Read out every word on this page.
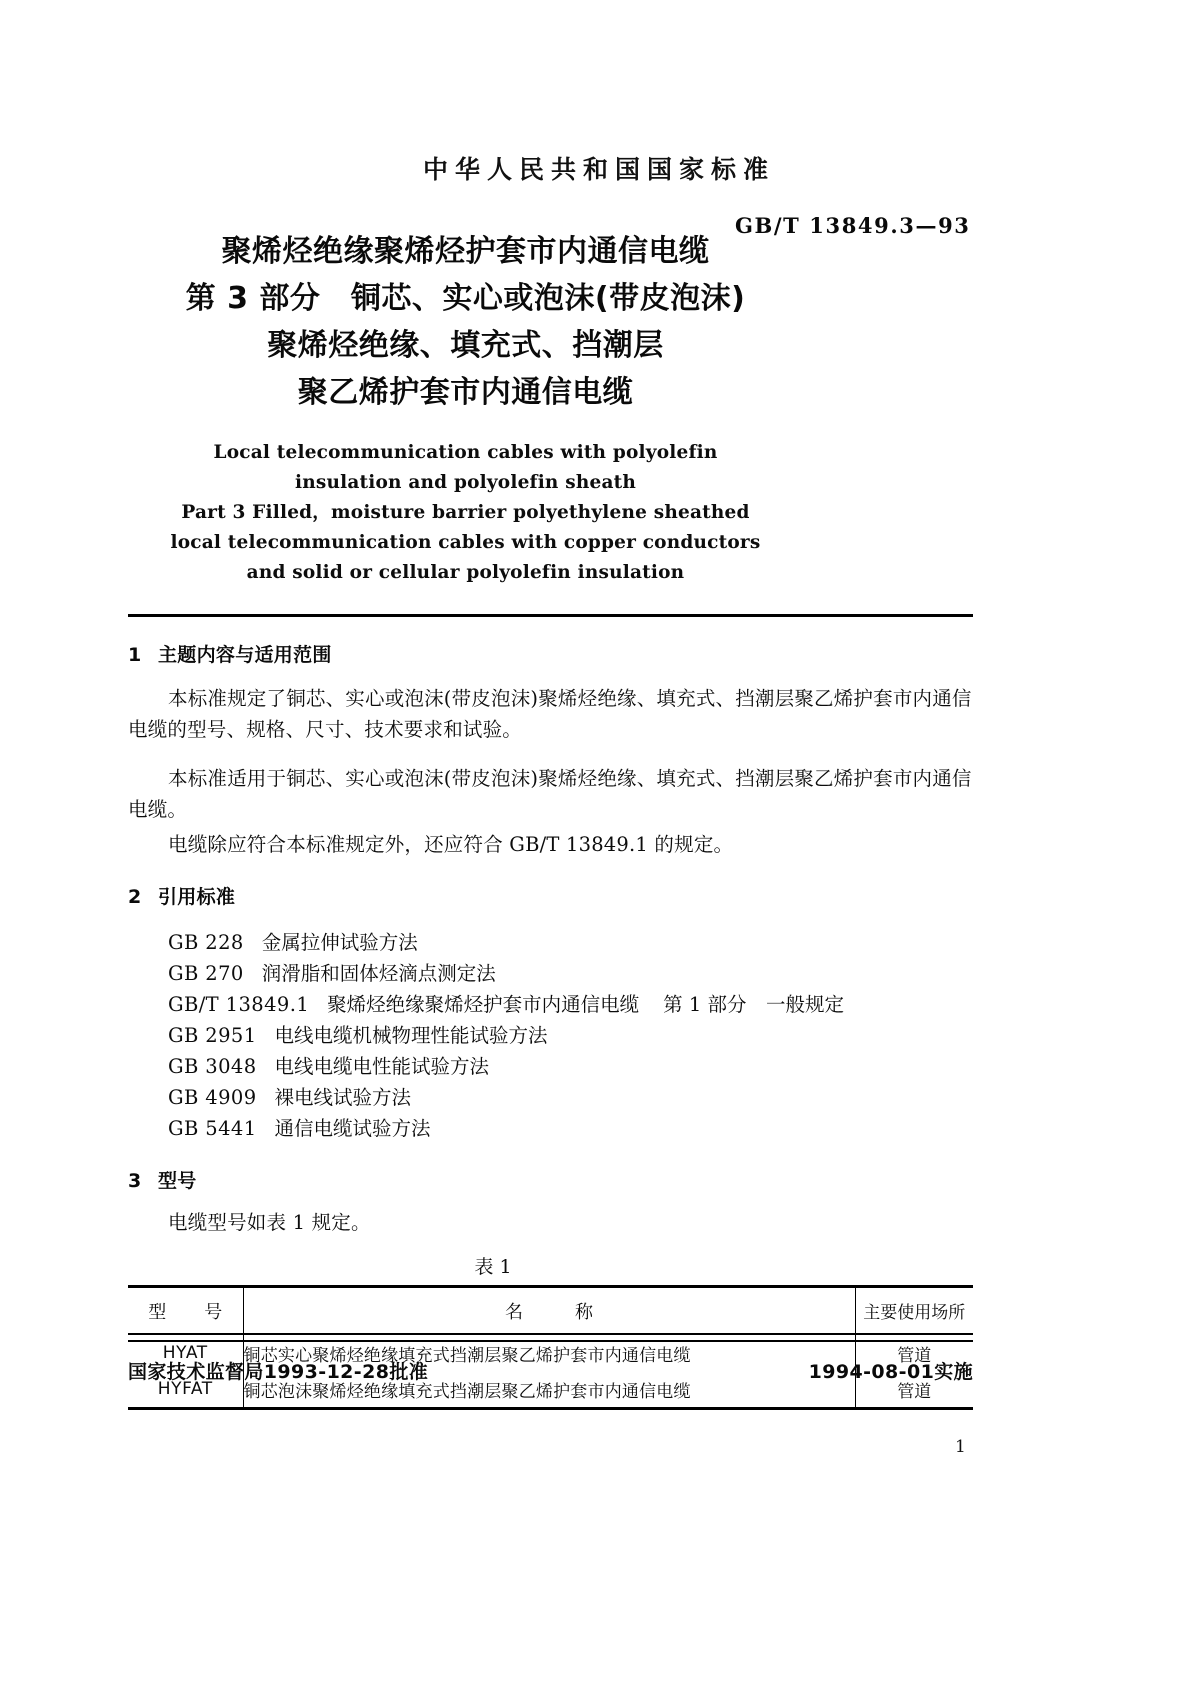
中华人民共和国国家标准
聚烯烃绝缘聚烯烃护套市内通信电缆
第 3 部分　铜芯、实心或泡沫(带皮泡沫)
聚烯烃绝缘、填充式、挡潮层
聚乙烯护套市内通信电缆
Local telecommunication cables with polyolefin
insulation and polyolefin sheath
Part 3 Filled，moisture barrier polyethylene sheathed
local telecommunication cables with copper conductors
and solid or cellular polyolefin insulation
GB/T 13849.3—93
1 主题内容与适用范围

本标准规定了铜芯、实心或泡沫(带皮泡沫)聚烯烃绝缘、填充式、挡潮层聚乙烯护套市内通信电缆的型号、规格、尺寸、技术要求和试验。

本标准适用于铜芯、实心或泡沫(带皮泡沫)聚烯烃绝缘、填充式、挡潮层聚乙烯护套市内通信电缆。

电缆除应符合本标准规定外，还应符合 GB/T 13849.1 的规定。

2 引用标准
GB 228 金属拉伸试验方法
GB 270 润滑脂和固体烃滴点测定法
GB/T 13849.1 聚烯烃绝缘聚烯烃护套市内通信电缆 第 1 部分　一般规定
GB 2951 电线电缆机械物理性能试验方法
GB 3048 电线电缆电性能试验方法
GB 4909 裸电线试验方法
GB 5441 通信电缆试验方法
3 型号

电缆型号如表 1 规定。

表 1
型　号	名 称	主要使用场所
HYAT	铜芯实心聚烯烃绝缘填充式挡潮层聚乙烯护套市内通信电缆	管道
HYFAT	铜芯泡沫聚烯烃绝缘填充式挡潮层聚乙烯护套市内通信电缆	管道
国家技术监督局1993-12-28批准	1994-08-01实施
1
